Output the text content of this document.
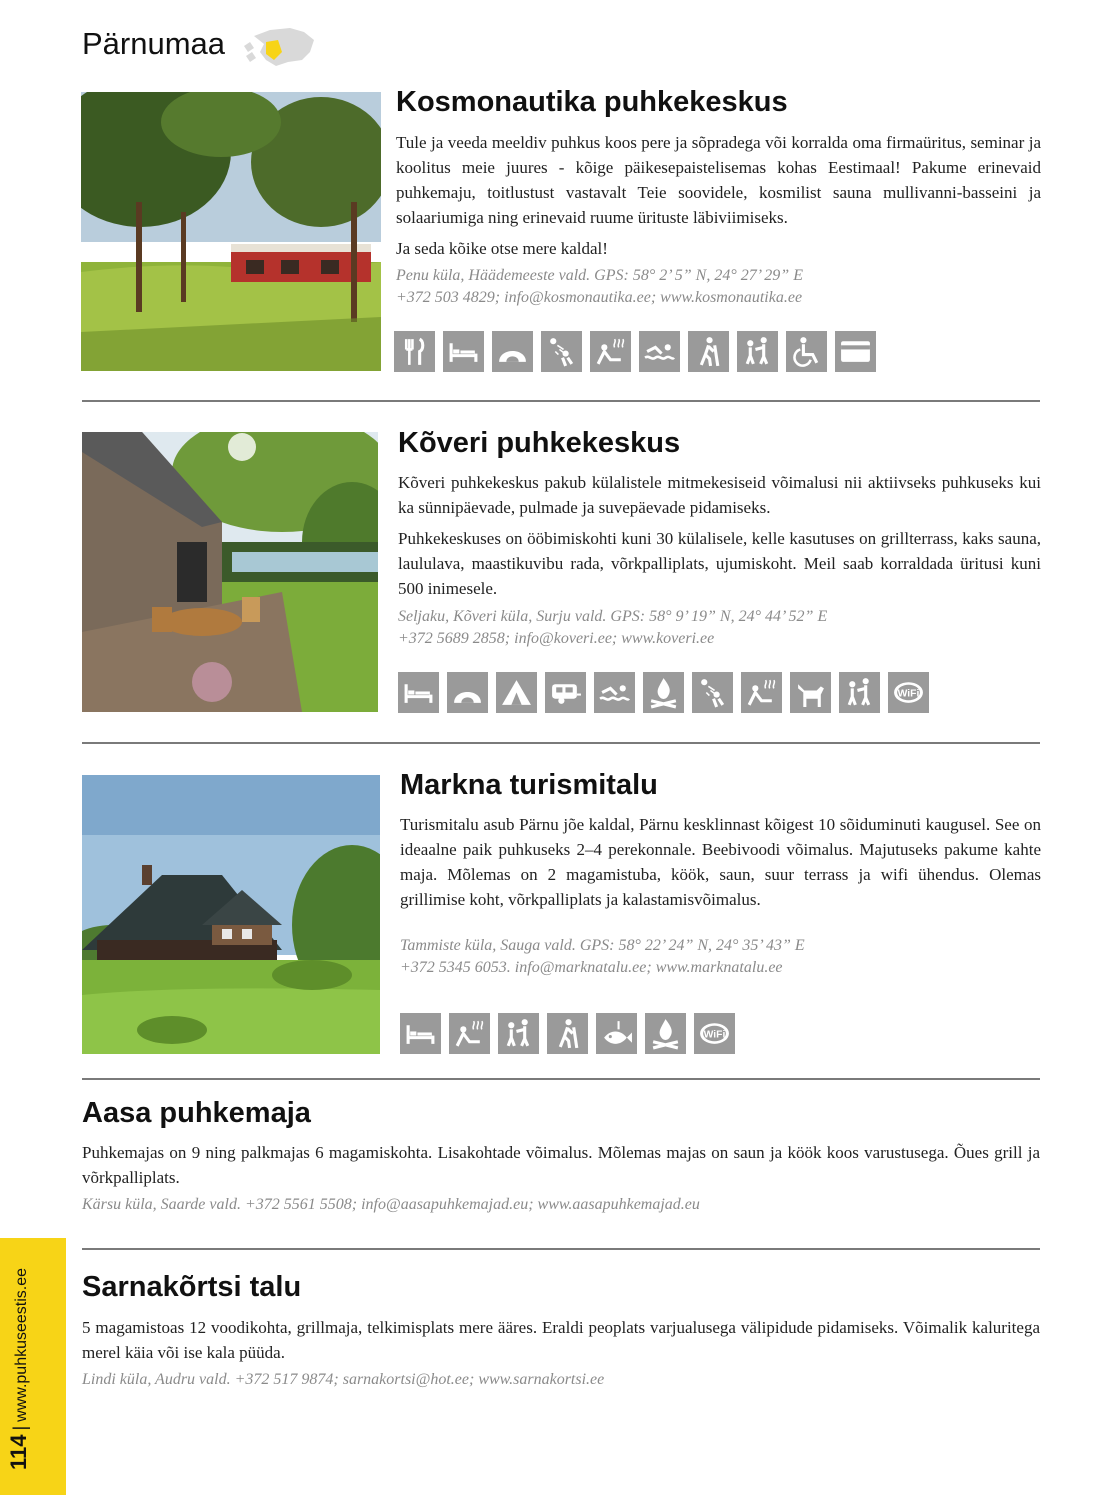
Pärnumaa
Kosmonautika puhkekeskus

Tule ja veeda meeldiv puhkus koos pere ja sõpradega või korralda oma firmaüritus, seminar ja koolitus meie juures - kõige päikesepaistelisemas kohas Eestimaal! Pakume erinevaid puhkemaju, toitlustust vastavalt Teie soovidele, kosmilist sauna mullivanni-basseini ja solaariumiga ning erinevaid ruume ürituste läbiviimiseks.

Ja seda kõike otse mere kaldal!

Penu küla, Häädemeeste vald. GPS: 58° 2’ 5” N, 24° 27’ 29” E

+372 503 4829; info@kosmonautika.ee; www.kosmonautika.ee

Kõveri puhkekeskus

Kõveri puhkekeskus pakub külalistele mitmekesiseid võimalusi nii aktiivseks puhkuseks kui ka sünnipäevade, pulmade ja suvepäevade pidamiseks.

Puhkekeskuses on ööbimiskohti kuni 30 külalisele, kelle kasutuses on grillterrass, kaks sauna, laululava, maastikuvibu rada, võrkpalliplats, ujumiskoht. Meil saab korraldada üritusi kuni 500 inimesele.

Seljaku, Kõveri küla, Surju vald. GPS: 58° 9’ 19” N, 24° 44’ 52” E

+372 5689 2858; info@koveri.ee; www.koveri.ee

WiFi
Markna turismitalu

Turismitalu asub Pärnu jõe kaldal, Pärnu kesklinnast kõigest 10 sõiduminuti kaugusel. See on ideaalne paik puhkuseks 2–4 perekonnale. Beebivoodi võimalus. Majutuseks pakume kahte maja. Mõlemas on 2 magamistuba, köök, saun, suur terrass ja wifi ühendus. Olemas grillimise koht, võrkpalliplats ja kalastamisvõimalus.

Tammiste küla, Sauga vald. GPS: 58° 22’ 24” N, 24° 35’ 43” E

+372 5345 6053. info@marknatalu.ee; www.marknatalu.ee

WiFi
Aasa puhkemaja

Puhkemajas on 9 ning palkmajas 6 magamiskohta. Lisakohtade võimalus. Mõlemas majas on saun ja köök koos varustusega. Õues grill ja võrkpalliplats.

Kärsu küla, Saarde vald. +372 5561 5508; info@aasapuhkemajad.eu; www.aasapuhkemajad.eu

Sarnakõrtsi talu

5 magamistoas 12 voodikohta, grillmaja, telkimisplats mere ääres. Eraldi peoplats varjualusega välipidude pidamiseks. Võimalik kaluritega merel käia või ise kala püüda.

Lindi küla, Audru vald. +372 517 9874; sarnakortsi@hot.ee; www.sarnakortsi.ee

114|www.puhkuseestis.ee
